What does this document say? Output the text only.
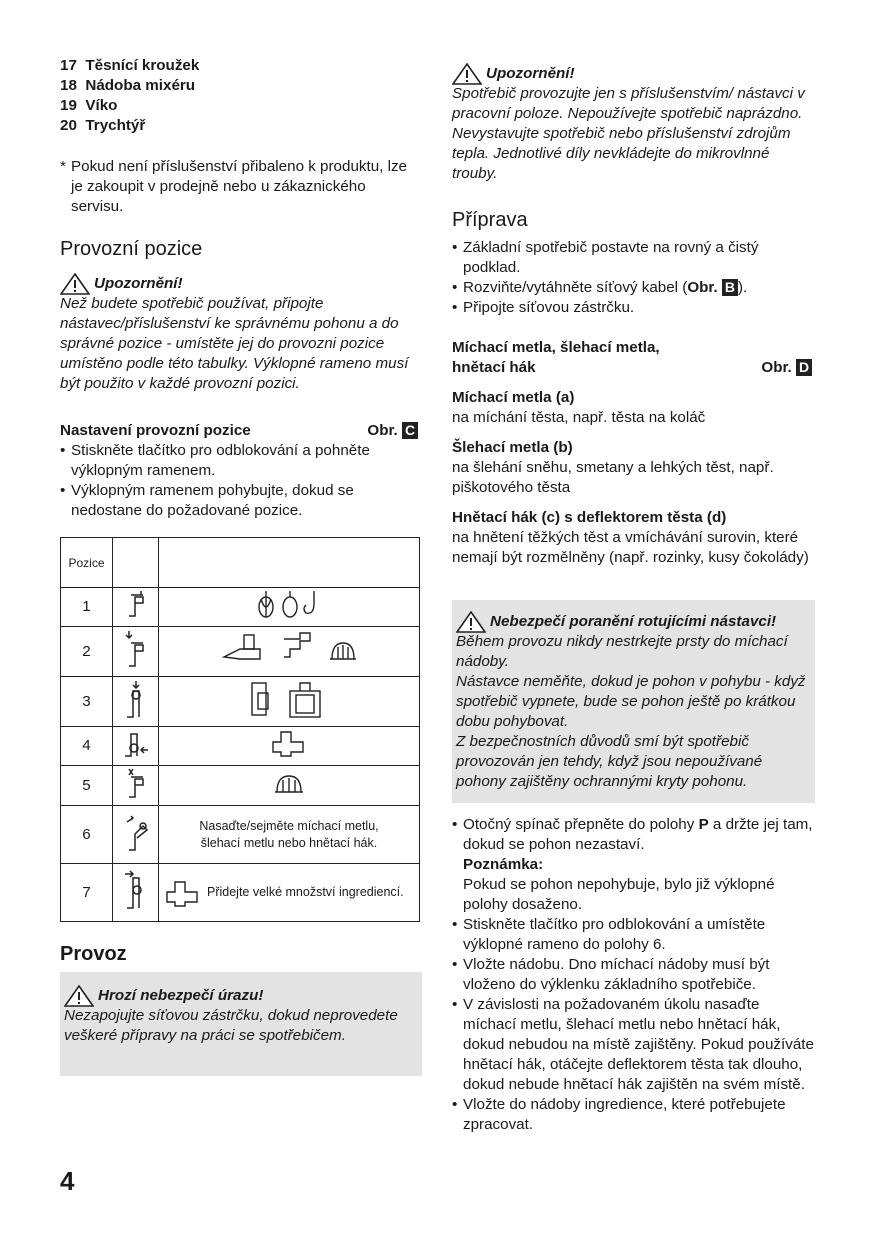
17 Těsnící kroužek
18 Nádoba mixéru
19 Víko
20 Trychtýř
* Pokud není příslušenství přibaleno k produktu, lze je zakoupit v prodejně nebo u zákaznického servisu.
Provozní pozice
Upozornění!
Než budete spotřebič používat, připojte nástavec/příslušenství ke správnému pohonu a do správné pozice - umístěte jej do provozni pozice umístěno podle této tabulky. Výklopné rameno musí být použito v každé provozní pozici.
Nastavení provozní pozice	Obr. C
• Stiskněte tlačítko pro odblokování a pohněte výklopným ramenem.
• Výklopným ramenem pohybujte, dokud se nedostane do požadované pozice.
Pozice		
1		
2		
3		
4		
5		
6		Nasaďte/sejměte míchací metlu, šlehací metlu nebo hnětací hák.
7		Přidejte velké množství ingrediencí.
Provoz
Hrozí nebezpečí úrazu!
Nezapojujte síťovou zástrčku, dokud neprovedete veškeré přípravy na práci se spotřebičem.
4
Upozornění!
Spotřebič provozujte jen s příslušenstvím/ nástavci v pracovní poloze. Nepoužívejte spotřebič naprázdno. Nevystavujte spotřebič nebo příslušenství zdrojům tepla. Jednotlivé díly nevkládejte do mikrovlnné trouby.
Příprava
• Základní spotřebič postavte na rovný a čistý podklad.
• Rozviňte/vytáhněte síťový kabel (Obr. B ).
• Připojte síťovou zástrčku.
Míchací metla, šlehací metla,
hnětací hák	Obr. D
Míchací metla (a)
na míchání těsta, např. těsta na koláč
Šlehací metla (b)
na šlehání sněhu, smetany a lehkých těst, např. piškotového těsta
Hnětací hák (c) s deflektorem těsta (d)
na hnětení těžkých těst a vmíchávání surovin, které nemají být rozmělněny (např. rozinky, kusy čokolády)
Nebezpečí poranění rotujícími nástavci!
Během provozu nikdy nestrkejte prsty do míchací nádoby.
Nástavce neměňte, dokud je pohon v pohybu - když spotřebič vypnete, bude se pohon ještě po krátkou dobu pohybovat.
Z bezpečnostních důvodů smí být spotřebič provozován jen tehdy, když jsou nepoužívané pohony zajištěny ochrannými kryty pohonu.
• Otočný spínač přepněte do polohy P a držte jej tam, dokud se pohon nezastaví.
Poznámka:
Pokud se pohon nepohybuje, bylo již výklopné polohy dosaženo.
• Stiskněte tlačítko pro odblokování a umístěte výklopné rameno do polohy 6.
• Vložte nádobu. Dno míchací nádoby musí být vloženo do výklenku základního spotřebiče.
• V závislosti na požadovaném úkolu nasaďte míchací metlu, šlehací metlu nebo hnětací hák, dokud nebudou na místě zajištěny. Pokud používáte hnětací hák, otáčejte deflektorem těsta tak dlouho, dokud nebude hnětací hák zajištěn na svém místě.
• Vložte do nádoby ingredience, které potřebujete zpracovat.
